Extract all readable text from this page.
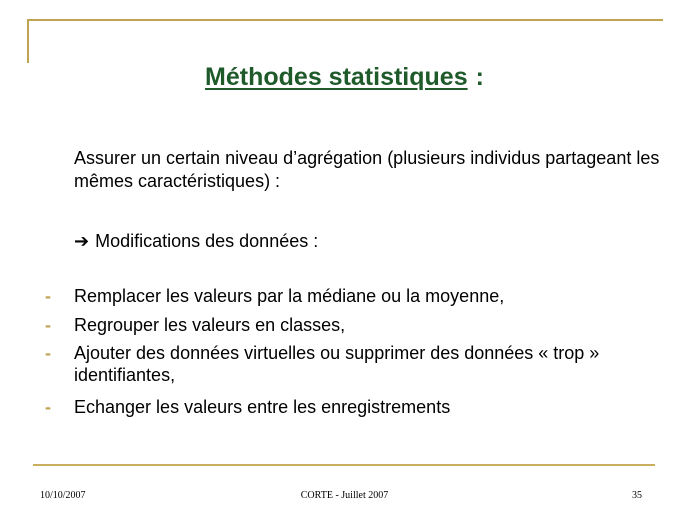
Méthodes statistiques :
Assurer un certain niveau d’agrégation (plusieurs individus partageant les mêmes caractéristiques) :
➔ Modifications des données :
- Remplacer les valeurs par la médiane ou la moyenne,
- Regrouper les valeurs en classes,
- Ajouter des données virtuelles ou supprimer des données « trop » identifiantes,
- Echanger les valeurs entre les enregistrements
10/10/2007	CORTE - Juillet 2007	35
